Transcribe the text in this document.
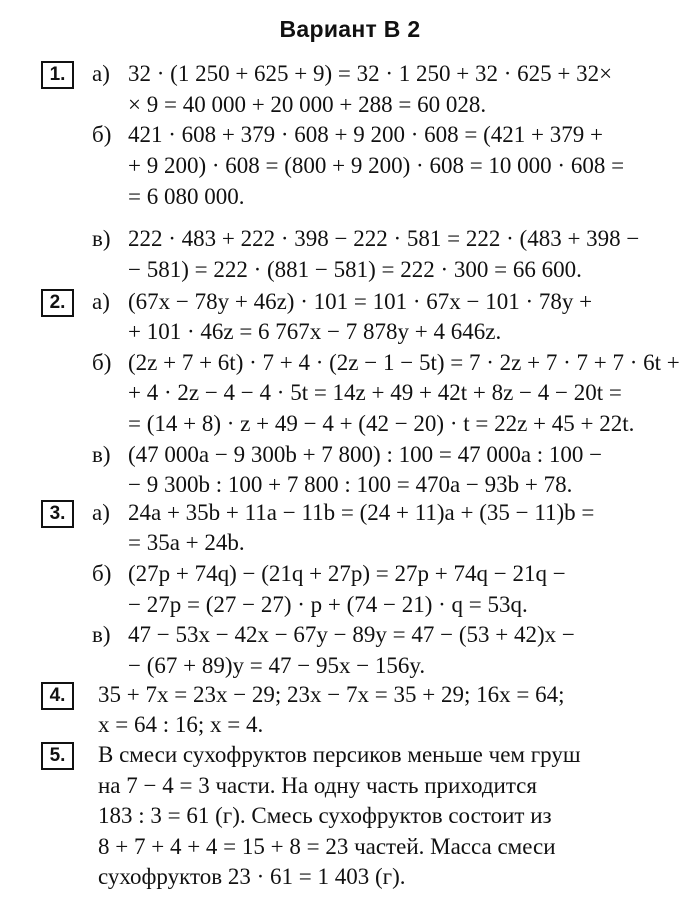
Вариант В 2
1.	а) 32 · (1 250 + 625 + 9) = 32 · 1 250 + 32 · 625 + 32×
× 9 = 40 000 + 20 000 + 288 = 60 028.
б) 421 · 608 + 379 · 608 + 9 200 · 608 = (421 + 379 +
+ 9 200) · 608 = (800 + 9 200) · 608 = 10 000 · 608 =
= 6 080 000.
в) 222 · 483 + 222 · 398 − 222 · 581 = 222 · (483 + 398 −
− 581) = 222 · (881 − 581) = 222 · 300 = 66 600.
2.	а) (67x − 78y + 46z) · 101 = 101 · 67x − 101 · 78y +
+ 101 · 46z = 6 767x − 7 878y + 4 646z.
б) (2z + 7 + 6t) · 7 + 4 · (2z − 1 − 5t) = 7 · 2z + 7 · 7 + 7 · 6t +
+ 4 · 2z − 4 − 4 · 5t = 14z + 49 + 42t + 8z − 4 − 20t =
= (14 + 8) · z + 49 − 4 + (42 − 20) · t = 22z + 45 + 22t.
в) (47 000a − 9 300b + 7 800) : 100 = 47 000a : 100 −
− 9 300b : 100 + 7 800 : 100 = 470a − 93b + 78.
3.	а) 24a + 35b + 11a − 11b = (24 + 11)a + (35 − 11)b =
= 35a + 24b.
б) (27p + 74q) − (21q + 27p) = 27p + 74q − 21q −
− 27p = (27 − 27) · p + (74 − 21) · q = 53q.
в) 47 − 53x − 42x − 67y − 89y = 47 − (53 + 42)x −
− (67 + 89)y = 47 − 95x − 156y.
4.	35 + 7x = 23x − 29; 23x − 7x = 35 + 29; 16x = 64;
x = 64 : 16; x = 4.
5.	В смеси сухофруктов персиков меньше чем груш
на 7 − 4 = 3 части. На одну часть приходится
183 : 3 = 61 (г). Смесь сухофруктов состоит из
8 + 7 + 4 + 4 = 15 + 8 = 23 частей. Масса смеси
сухофруктов 23 · 61 = 1 403 (г).
